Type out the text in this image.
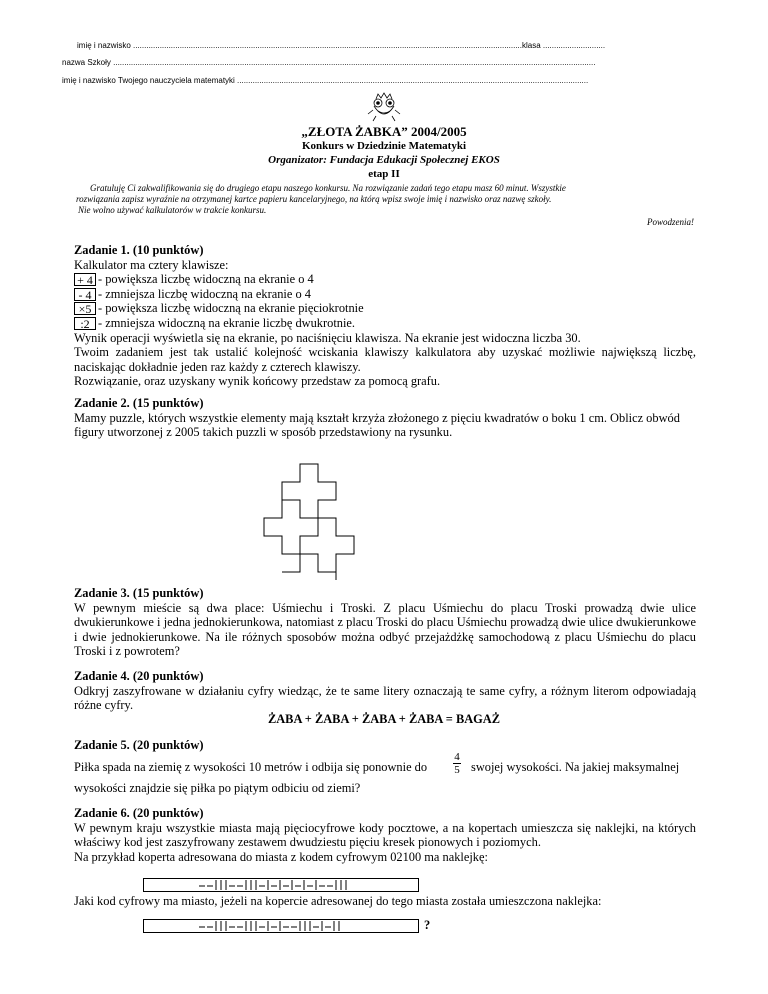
imię i nazwisko ...............................................................................................................................................................................klasa ............................
nazwa Szkoły .........................................................................................................................................................................................................................
imię i nazwisko Twojego nauczyciela matematyki ..............................................................................................................................................................
„ZŁOTA ŻABKA” 2004/2005
Konkurs w Dziedzinie Matematyki
Organizator: Fundacja Edukacji Społecznej EKOS
etap II
Gratuluję Ci zakwalifikowania się do drugiego etapu naszego konkursu. Na rozwiązanie zadań tego etapu masz 60 minut. Wszystkie
rozwiązania zapisz wyraźnie na otrzymanej kartce papieru kancelaryjnego, na którą wpisz swoje imię i nazwisko oraz nazwę szkoły.
Nie wolno używać kalkulatorów w trakcie konkursu.
Powodzenia!
Zadanie 1. (10 punktów)

Kalkulator ma cztery klawisze:

+ 4 - powiększa liczbę widoczną na ekranie o 4
- 4 - zmniejsza liczbę widoczną na ekranie o 4
×5 - powiększa liczbę widoczną na ekranie pięciokrotnie
:2 - zmniejsza widoczną na ekranie liczbę dwukrotnie.

Wynik operacji wyświetla się na ekranie, po naciśnięciu klawisza. Na ekranie jest widoczna liczba 30.

Twoim zadaniem jest tak ustalić kolejność wciskania klawiszy kalkulatora aby uzyskać możliwie największą liczbę, naciskając dokładnie jeden raz każdy z czterech klawiszy.

Rozwiązanie, oraz uzyskany wynik końcowy przedstaw za pomocą grafu.

Zadanie 2. (15 punktów)

Mamy puzzle, których wszystkie elementy mają kształt krzyża złożonego z pięciu kwadratów o boku 1 cm. Oblicz obwód figury utworzonej z 2005 takich puzzli w sposób przedstawiony na rysunku.

Zadanie 3. (15 punktów)

W pewnym mieście są dwa place: Uśmiechu i Troski. Z placu Uśmiechu do placu Troski prowadzą dwie ulice dwukierunkowe i jedna jednokierunkowa, natomiast z placu Troski do placu Uśmiechu prowadzą dwie ulice dwukierunkowe i dwie jednokierunkowe. Na ile różnych sposobów można odbyć przejażdżkę samochodową z placu Uśmiechu do placu Troski i z powrotem?

Zadanie 4. (20 punktów)

Odkryj zaszyfrowane w działaniu cyfry wiedząc, że te same litery oznaczają te same cyfry, a różnym literom odpowiadają różne cyfry.

ŻABA + ŻABA + ŻABA + ŻABA = BAGAŻ
Zadanie 5. (20 punktów)
Piłka spada na ziemię z wysokości 10 metrów i odbija się ponownie do
4
5 swojej wysokości. Na jakiej maksymalnej
wysokości znajdzie się piłka po piątym odbiciu od ziemi?
Zadanie 6. (20 punktów)

W pewnym kraju wszystkie miasta mają pięciocyfrowe kody pocztowe, a na kopertach umieszcza się naklejki, na których właściwy kod jest zaszyfrowany zestawem dwudziestu pięciu kresek pionowych i poziomych.

Na przykład koperta adresowana do miasta z kodem cyfrowym 02100 ma naklejkę:

Jaki kod cyfrowy ma miasto, jeżeli na kopercie adresowanej do tego miasta została umieszczona naklejka:
?
